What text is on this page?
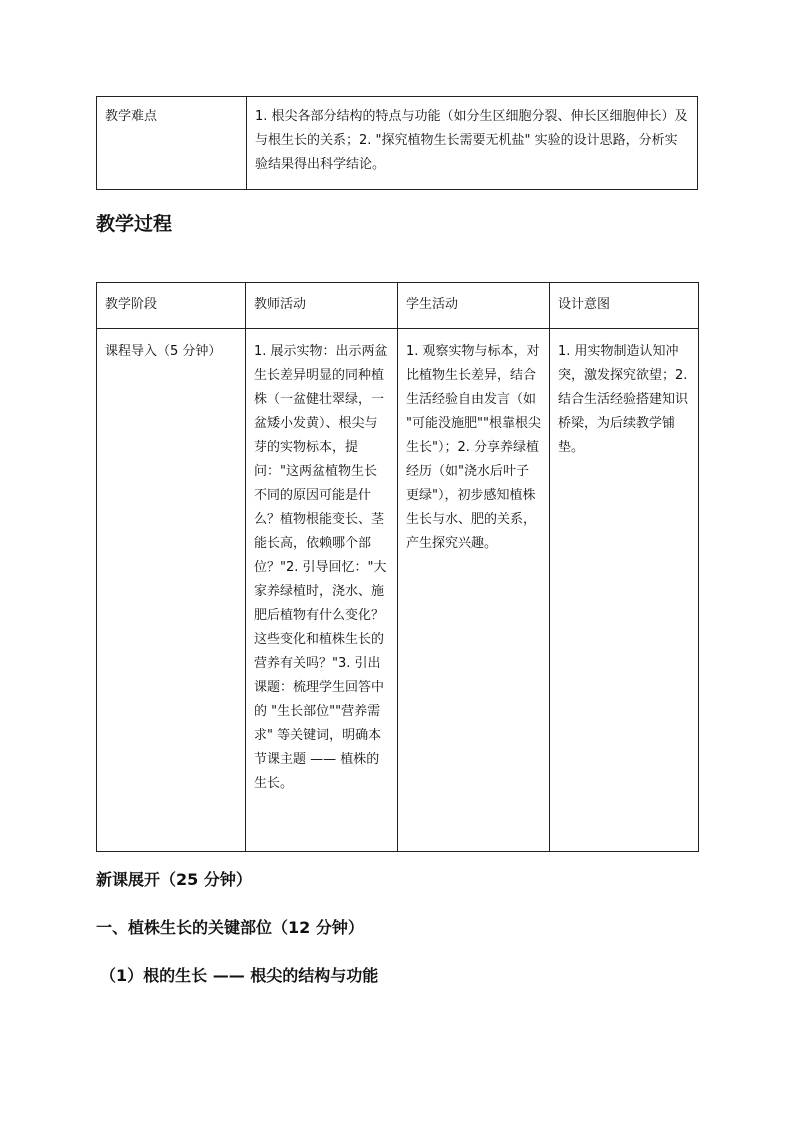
教学难点	1. 根尖各部分结构的特点与功能（如分生区细胞分裂、伸长区细胞伸长）及与根生长的关系；2. "探究植物生长需要无机盐" 实验的设计思路，分析实验结果得出科学结论。
教学过程
教学阶段	教师活动	学生活动	设计意图

课程导入（5 分钟）	1. 展示实物：出示两盆生长差异明显的同种植株（一盆健壮翠绿，一盆矮小发黄）、根尖与芽的实物标本，提问："这两盆植物生长不同的原因可能是什么？植物根能变长、茎能长高，依赖哪个部位？"2. 引导回忆："大家养绿植时，浇水、施肥后植物有什么变化？这些变化和植株生长的营养有关吗？"3. 引出课题：梳理学生回答中的 "生长部位""营养需求" 等关键词，明确本节课主题 —— 植株的生长。	1. 观察实物与标本，对比植物生长差异，结合生活经验自由发言（如 "可能没施肥""根靠根尖生长"）；2. 分享养绿植经历（如"浇水后叶子更绿"），初步感知植株生长与水、肥的关系，产生探究兴趣。	1. 用实物制造认知冲突，激发探究欲望；2. 结合生活经验搭建知识桥梁，为后续教学铺垫。
新课展开（25 分钟）
一、植株生长的关键部位（12 分钟）
（1）根的生长 —— 根尖的结构与功能
